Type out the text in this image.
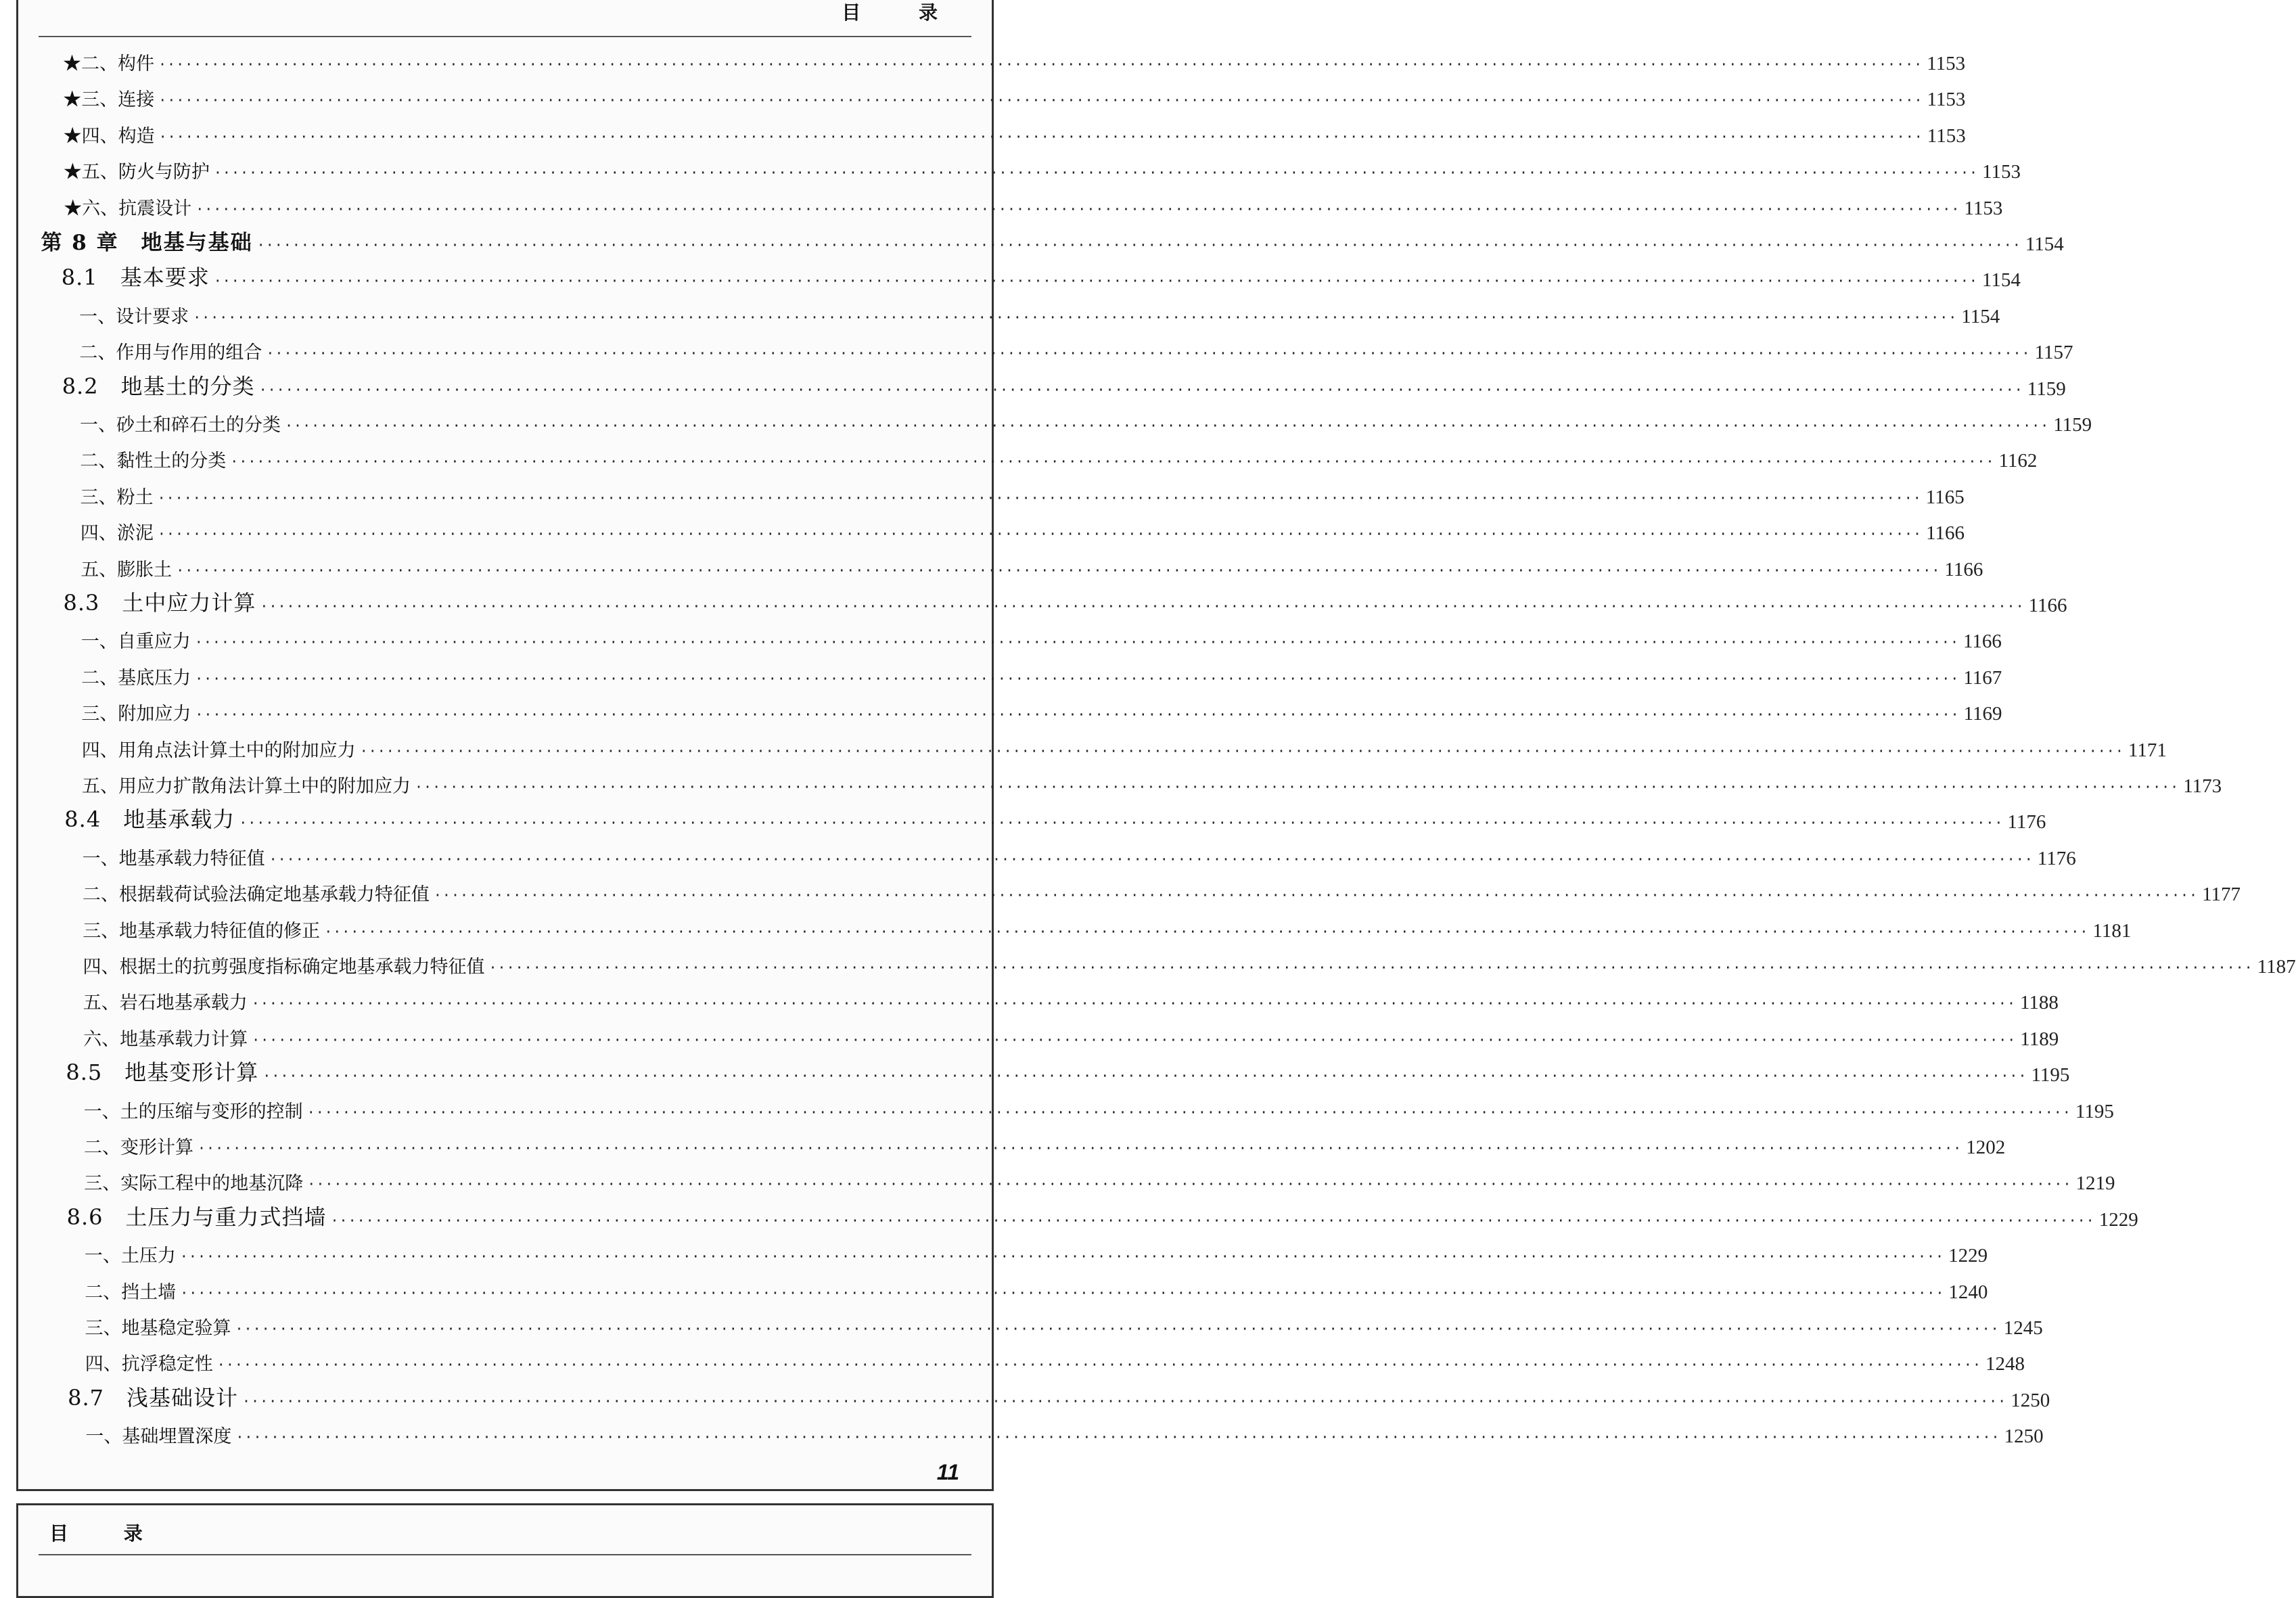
目 录
★二、构件 ········································································································································································································ 1153
★三、连接 ········································································································································································································ 1153
★四、构造 ········································································································································································································ 1153
★五、防火与防护 ········································································································································································································ 1153
★六、抗震设计 ········································································································································································································ 1153
第 8 章　地基与基础 ········································································································································································································ 1154
8.1　基本要求 ········································································································································································································ 1154
一、设计要求 ········································································································································································································ 1154
二、作用与作用的组合 ········································································································································································································ 1157
8.2　地基土的分类 ········································································································································································································ 1159
一、砂土和碎石土的分类 ········································································································································································································ 1159
二、黏性土的分类 ········································································································································································································ 1162
三、粉土 ········································································································································································································ 1165
四、淤泥 ········································································································································································································ 1166
五、膨胀土 ········································································································································································································ 1166
8.3　土中应力计算 ········································································································································································································ 1166
一、自重应力 ········································································································································································································ 1166
二、基底压力 ········································································································································································································ 1167
三、附加应力 ········································································································································································································ 1169
四、用角点法计算土中的附加应力 ········································································································································································································ 1171
五、用应力扩散角法计算土中的附加应力 ········································································································································································································ 1173
8.4　地基承载力 ········································································································································································································ 1176
一、地基承载力特征值 ········································································································································································································ 1176
二、根据载荷试验法确定地基承载力特征值 ········································································································································································································ 1177
三、地基承载力特征值的修正 ········································································································································································································ 1181
四、根据土的抗剪强度指标确定地基承载力特征值 ········································································································································································································ 1187
五、岩石地基承载力 ········································································································································································································ 1188
六、地基承载力计算 ········································································································································································································ 1189
8.5　地基变形计算 ········································································································································································································ 1195
一、土的压缩与变形的控制 ········································································································································································································ 1195
二、变形计算 ········································································································································································································ 1202
三、实际工程中的地基沉降 ········································································································································································································ 1219
8.6　土压力与重力式挡墙 ········································································································································································································ 1229
一、土压力 ········································································································································································································ 1229
二、挡土墙 ········································································································································································································ 1240
三、地基稳定验算 ········································································································································································································ 1245
四、抗浮稳定性 ········································································································································································································ 1248
8.7　浅基础设计 ········································································································································································································ 1250
一、基础埋置深度 ········································································································································································································ 1250
11
目 录
